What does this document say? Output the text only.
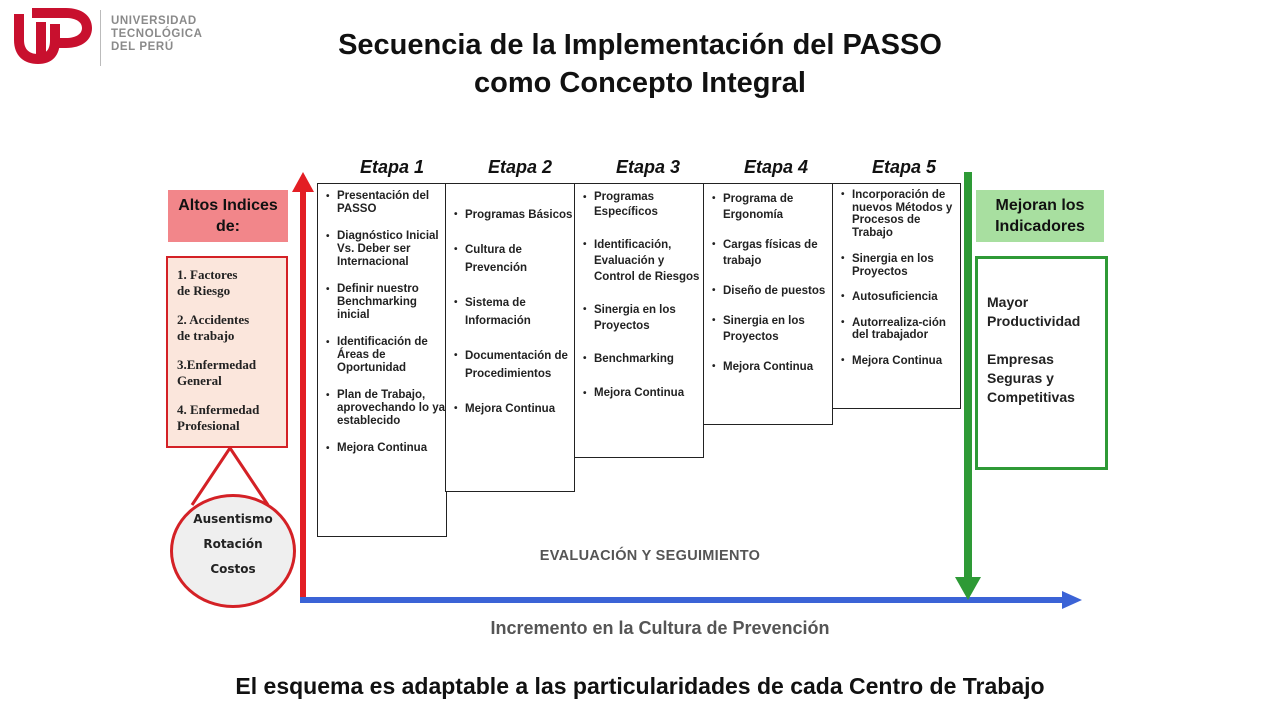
UNIVERSIDAD
TECNOLÓGICA
DEL PERÚ	Secuencia de la Implementación del PASSO
como Concepto Integral
Etapa 1	Etapa 2	Etapa 3	Etapa 4	Etapa 5
• Presentación del PASSO
• Diagnóstico Inicial Vs. Deber ser Internacional
• Definir nuestro Benchmarking inicial
• Identificación de Áreas de Oportunidad
• Plan de Trabajo, aprovechando lo ya establecido
• Mejora Continua
• Programas Básicos
• Cultura de Prevención
• Sistema de Información
• Documentación de Procedimientos
• Mejora Continua
• Programas Específicos
• Identificación, Evaluación y Control de Riesgos
• Sinergia en los Proyectos
• Benchmarking
• Mejora Continua
• Programa de Ergonomía
• Cargas físicas de trabajo
• Diseño de puestos
• Sinergia en los Proyectos
• Mejora Continua
• Incorporación de nuevos Métodos y Procesos de Trabajo
• Sinergia en los Proyectos
• Autosuficiencia
• Autorrealiza-ción del trabajador
• Mejora Continua
Altos Indices de:
1. Factores
de Riesgo
2. Accidentes
de trabajo
3.Enfermedad
General
4. Enfermedad
Profesional
Ausentismo
Rotación
Costos
Mejoran los Indicadores
Mayor
Productividad
Empresas
Seguras y
Competitivas
EVALUACIÓN Y SEGUIMIENTO
Incremento en la Cultura de Prevención
El esquema es adaptable a las particularidades de cada Centro de Trabajo
